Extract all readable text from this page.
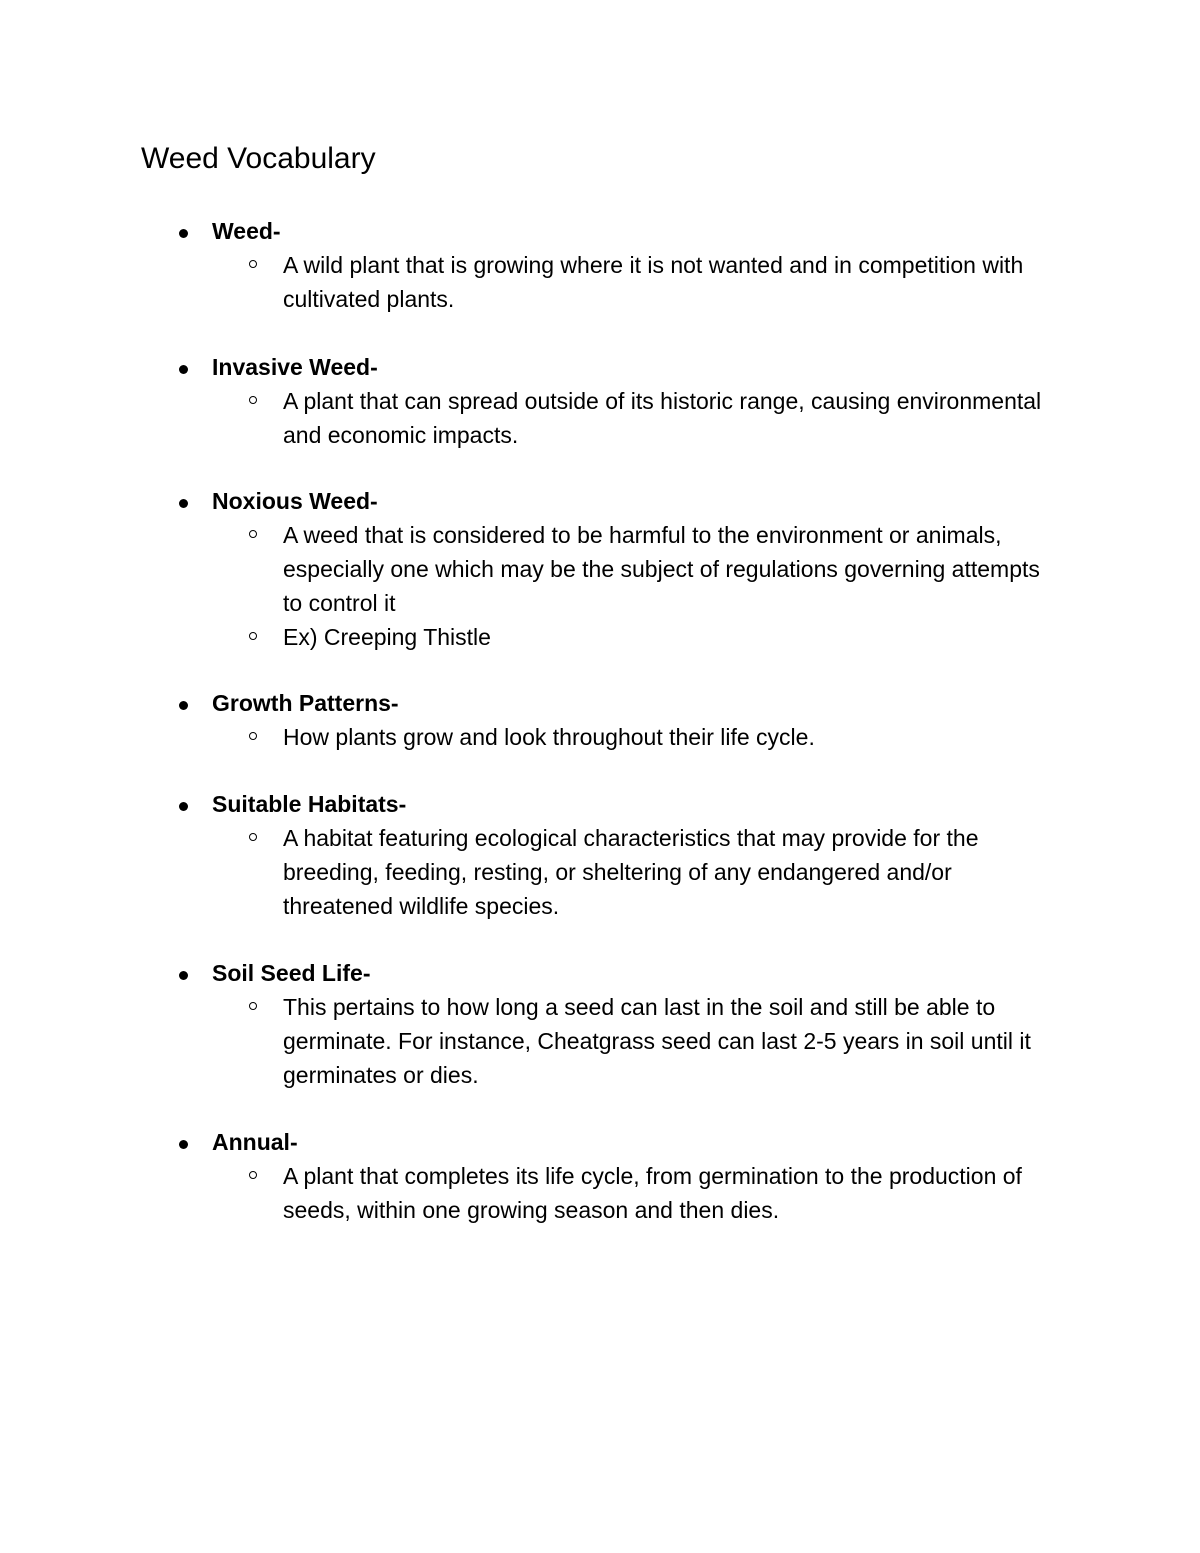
Weed Vocabulary
Weed-
A wild plant that is growing where it is not wanted and in competition with cultivated plants.
Invasive Weed-
A plant that can spread outside of its historic range, causing environmental and economic impacts.
Noxious Weed-
A weed that is considered to be harmful to the environment or animals, especially one which may be the subject of regulations governing attempts to control it
Ex) Creeping Thistle
Growth Patterns-
How plants grow and look throughout their life cycle.
Suitable Habitats-
A habitat featuring ecological characteristics that may provide for the breeding, feeding, resting, or sheltering of any endangered and/or threatened wildlife species.
Soil Seed Life-
This pertains to how long a seed can last in the soil and still be able to germinate. For instance, Cheatgrass seed can last 2-5 years in soil until it germinates or dies.
Annual-
A plant that completes its life cycle, from germination to the production of seeds, within one growing season and then dies.
